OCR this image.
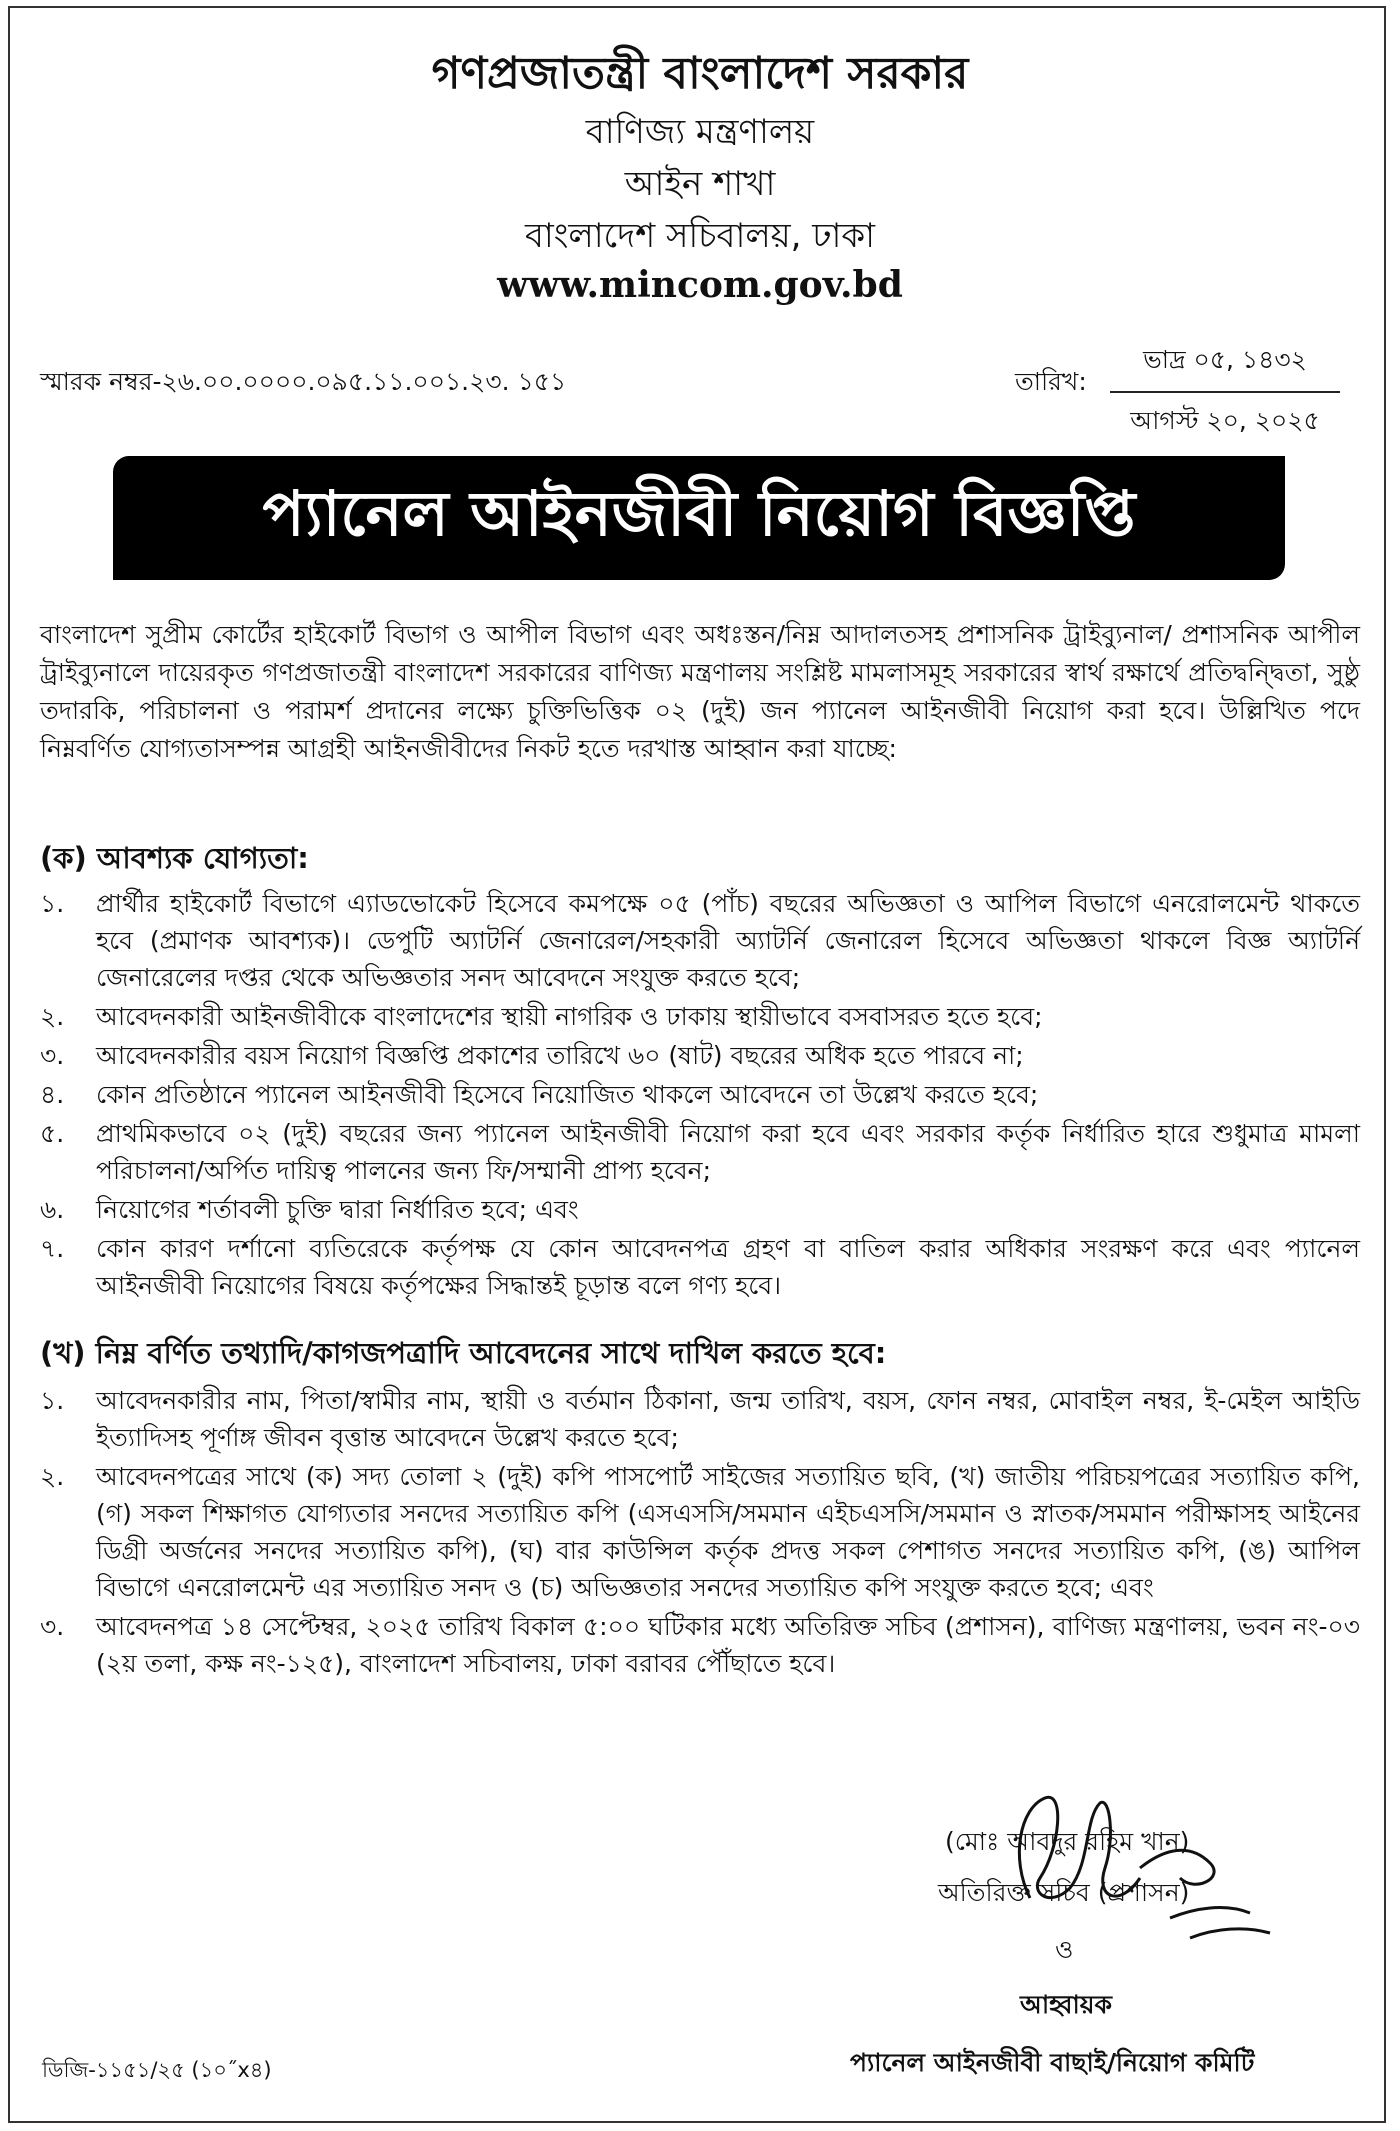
গণপ্রজাতন্ত্রী বাংলাদেশ সরকার
বাণিজ্য মন্ত্রণালয়
আইন শাখা
বাংলাদেশ সচিবালয়, ঢাকা
www.mincom.gov.bd
স্মারক নম্বর-২৬.০০.০০০০.০৯৫.১১.০০১.২৩. ১৫১	তারিখ:
ভাদ্র ০৫, ১৪৩২
আগস্ট ২০, ২০২৫
প্যানেল আইনজীবী নিয়োগ বিজ্ঞপ্তি
বাংলাদেশ সুপ্রীম কোর্টের হাইকোর্ট বিভাগ ও আপীল বিভাগ এবং অধঃস্তন/নিম্ন আদালতসহ প্রশাসনিক ট্রাইব্যুনাল/ প্রশাসনিক আপীল ট্রাইব্যুনালে দায়েরকৃত গণপ্রজাতন্ত্রী বাংলাদেশ সরকারের বাণিজ্য মন্ত্রণালয় সংশ্লিষ্ট মামলাসমূহ সরকারের স্বার্থ রক্ষার্থে প্রতিদ্বন্দ্বিতা, সুষ্ঠু তদারকি, পরিচালনা ও পরামর্শ প্রদানের লক্ষ্যে চুক্তিভিত্তিক ০২ (দুই) জন প্যানেল আইনজীবী নিয়োগ করা হবে। উল্লিখিত পদে নিম্নবর্ণিত যোগ্যতাসম্পন্ন আগ্রহী আইনজীবীদের নিকট হতে দরখাস্ত আহ্বান করা যাচ্ছে:
(ক) আবশ্যক যোগ্যতা:
১.	প্রার্থীর হাইকোর্ট বিভাগে এ্যাডভোকেট হিসেবে কমপক্ষে ০৫ (পাঁচ) বছরের অভিজ্ঞতা ও আপিল বিভাগে এনরোলমেন্ট থাকতে হবে (প্রমাণক আবশ্যক)। ডেপুটি অ্যাটর্নি জেনারেল/সহকারী অ্যাটর্নি জেনারেল হিসেবে অভিজ্ঞতা থাকলে বিজ্ঞ অ্যাটর্নি জেনারেলের দপ্তর থেকে অভিজ্ঞতার সনদ আবেদনে সংযুক্ত করতে হবে;
২.	আবেদনকারী আইনজীবীকে বাংলাদেশের স্থায়ী নাগরিক ও ঢাকায় স্থায়ীভাবে বসবাসরত হতে হবে;
৩.	আবেদনকারীর বয়স নিয়োগ বিজ্ঞপ্তি প্রকাশের তারিখে ৬০ (ষাট) বছরের অধিক হতে পারবে না;
৪.	কোন প্রতিষ্ঠানে প্যানেল আইনজীবী হিসেবে নিয়োজিত থাকলে আবেদনে তা উল্লেখ করতে হবে;
৫.	প্রাথমিকভাবে ০২ (দুই) বছরের জন্য প্যানেল আইনজীবী নিয়োগ করা হবে এবং সরকার কর্তৃক নির্ধারিত হারে শুধুমাত্র মামলা পরিচালনা/অর্পিত দায়িত্ব পালনের জন্য ফি/সম্মানী প্রাপ্য হবেন;
৬.	নিয়োগের শর্তাবলী চুক্তি দ্বারা নির্ধারিত হবে; এবং
৭.	কোন কারণ দর্শানো ব্যতিরেকে কর্তৃপক্ষ যে কোন আবেদনপত্র গ্রহণ বা বাতিল করার অধিকার সংরক্ষণ করে এবং প্যানেল আইনজীবী নিয়োগের বিষয়ে কর্তৃপক্ষের সিদ্ধান্তই চূড়ান্ত বলে গণ্য হবে।
(খ) নিম্ন বর্ণিত তথ্যাদি/কাগজপত্রাদি আবেদনের সাথে দাখিল করতে হবে:
১.	আবেদনকারীর নাম, পিতা/স্বামীর নাম, স্থায়ী ও বর্তমান ঠিকানা, জন্ম তারিখ, বয়স, ফোন নম্বর, মোবাইল নম্বর, ই-মেইল আইডি ইত্যাদিসহ পূর্ণাঙ্গ জীবন বৃত্তান্ত আবেদনে উল্লেখ করতে হবে;
২.	আবেদনপত্রের সাথে (ক) সদ্য তোলা ২ (দুই) কপি পাসপোর্ট সাইজের সত্যায়িত ছবি, (খ) জাতীয় পরিচয়পত্রের সত্যায়িত কপি, (গ) সকল শিক্ষাগত যোগ্যতার সনদের সত্যায়িত কপি (এসএসসি/সমমান এইচএসসি/সমমান ও স্নাতক/সমমান পরীক্ষাসহ আইনের ডিগ্রী অর্জনের সনদের সত্যায়িত কপি), (ঘ) বার কাউন্সিল কর্তৃক প্রদত্ত সকল পেশাগত সনদের সত্যায়িত কপি, (ঙ) আপিল বিভাগে এনরোলমেন্ট এর সত্যায়িত সনদ ও (চ) অভিজ্ঞতার সনদের সত্যায়িত কপি সংযুক্ত করতে হবে; এবং
৩.	আবেদনপত্র ১৪ সেপ্টেম্বর, ২০২৫ তারিখ বিকাল ৫:০০ ঘটিকার মধ্যে অতিরিক্ত সচিব (প্রশাসন), বাণিজ্য মন্ত্রণালয়, ভবন নং-০৩ (২য় তলা, কক্ষ নং-১২৫), বাংলাদেশ সচিবালয়, ঢাকা বরাবর পৌঁছাতে হবে।
(মোঃ আবদুর রহিম খান)
অতিরিক্ত সচিব (প্রশাসন)
ও
আহ্বায়ক
প্যানেল আইনজীবী বাছাই/নিয়োগ কমিটি
ডিজি-১১৫১/২৫ (১০˝x৪)
